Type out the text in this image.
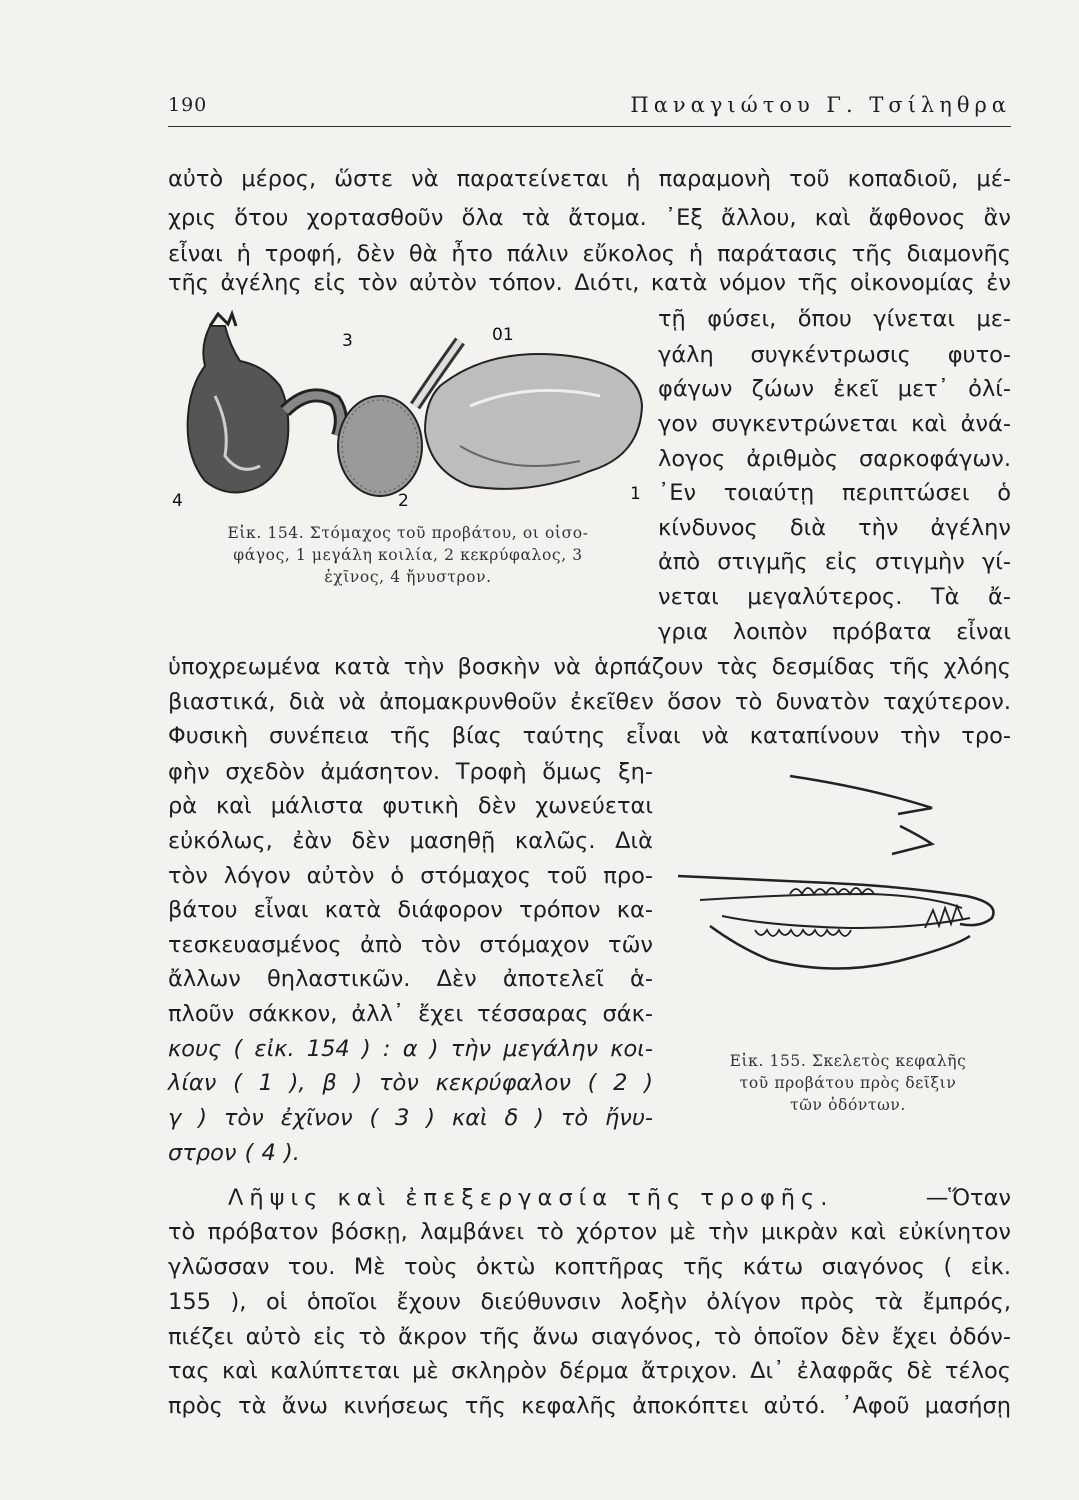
190	Παναγιώτου Γ. Τσίληθρα
αὐτὸ μέρος, ὥστε νὰ παρατείνεται ἡ παραμονὴ τοῦ κοπαδιοῦ, μέ-
χρις ὅτου χορτασθοῦν ὅλα τὰ ἄτομα. ᾿Εξ ἄλλου, καὶ ἄφθονος ἂν
εἶναι ἡ τροφή, δὲν θὰ ἦτο πάλιν εὔκολος ἡ παράτασις τῆς διαμονῆς
τῆς ἀγέλης εἰς τὸν αὐτὸν τόπον. Διότι, κατὰ νόμον τῆς οἰκονομίας ἐν
3	01
1
4	2
τῇ φύσει, ὅπου γίνεται με-
γάλη συγκέντρωσις φυτο-
φάγων ζώων ἐκεῖ μετ᾽ ὀλί-
γον συγκεντρώνεται καὶ ἀνά-
λογος ἀριθμὸς σαρκοφάγων.
᾿Εν τοιαύτῃ περιπτώσει ὁ
κίνδυνος διὰ τὴν ἀγέλην
ἀπὸ στιγμῆς εἰς στιγμὴν γί-
νεται μεγαλύτερος. Τὰ ἄ-
γρια λοιπὸν πρόβατα εἶναι
Εἰκ. 154. Στόμαχος τοῦ προβάτου, οι οἰσο-
φάγος, 1 μεγάλη κοιλία, 2 κεκρύφαλος, 3
ἐχῖνος, 4 ἤνυστρον.
ὑποχρεωμένα κατὰ τὴν βοσκὴν νὰ ἁρπάζουν τὰς δεσμίδας τῆς χλόης
βιαστικά, διὰ νὰ ἀπομακρυνθοῦν ἐκεῖθεν ὅσον τὸ δυνατὸν ταχύτερον.
Φυσικὴ συνέπεια τῆς βίας ταύτης εἶναι νὰ καταπίνουν τὴν τρο-
φὴν σχεδὸν ἀμάσητον. Τροφὴ ὅμως ξη-
ρὰ καὶ μάλιστα φυτικὴ δὲν χωνεύεται
εὐκόλως, ἐὰν δὲν μασηθῇ καλῶς. Διὰ
τὸν λόγον αὐτὸν ὁ στόμαχος τοῦ προ-
βάτου εἶναι κατὰ διάφορον τρόπον κα-
τεσκευασμένος ἀπὸ τὸν στόμαχον τῶν
ἄλλων θηλαστικῶν. Δὲν ἀποτελεῖ ἁ-
πλοῦν σάκκον, ἀλλ᾽ ἔχει τέσσαρας σάκ-
κους ( εἰκ. 154 ) : α ) τὴν μεγάλην κοι-
λίαν ( 1 ), β ) τὸν κεκρύφαλον ( 2 )
γ ) τὸν ἐχῖνον ( 3 ) καὶ δ ) τὸ ἤνυ-
στρον ( 4 ).
Εἰκ. 155. Σκελετὸς κεφαλῆς
τοῦ προβάτου πρὸς δεῖξιν
τῶν ὀδόντων.
Λῆψις καὶ ἐπεξεργασία τῆς τροφῆς.	—Ὅταν
τὸ πρόβατον βόσκῃ, λαμβάνει τὸ χόρτον μὲ τὴν μικρὰν καὶ εὐκίνητον
γλῶσσαν του. Μὲ τοὺς ὀκτὼ κοπτῆρας τῆς κάτω σιαγόνος ( εἰκ.
155 ), οἱ ὁποῖοι ἔχουν διεύθυνσιν λοξὴν ὀλίγον πρὸς τὰ ἔμπρός,
πιέζει αὐτὸ εἰς τὸ ἄκρον τῆς ἄνω σιαγόνος, τὸ ὁποῖον δὲν ἔχει ὀδόν-
τας καὶ καλύπτεται μὲ σκληρὸν δέρμα ἄτριχον. Δι᾽ ἐλαφρᾶς δὲ τέλος
πρὸς τὰ ἄνω κινήσεως τῆς κεφαλῆς ἀποκόπτει αὐτό. ᾿Αφοῦ μασήσῃ
